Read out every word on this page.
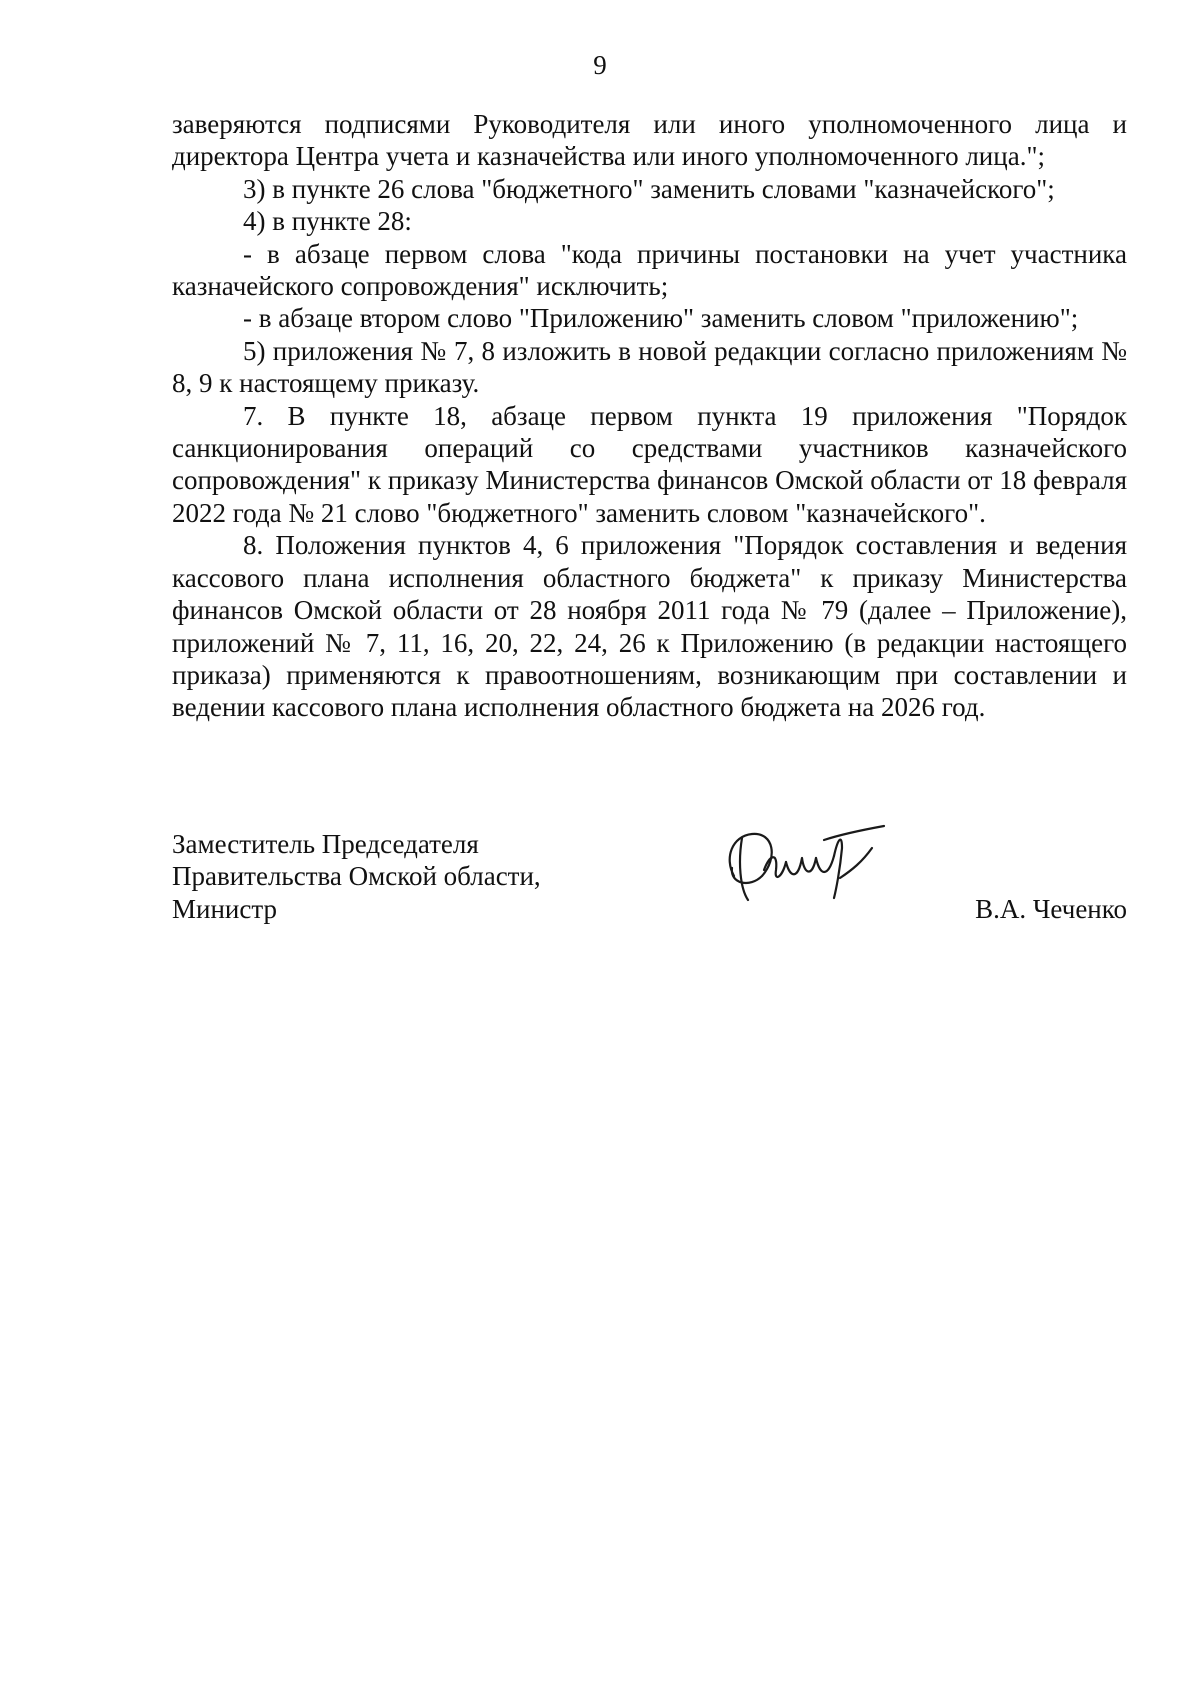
9

заверяются подписями Руководителя или иного уполномоченного лица и директора Центра учета и казначейства или иного уполномоченного лица.";

3) в пункте 26 слова "бюджетного" заменить словами "казначейского";

4) в пункте 28:

- в абзаце первом слова "кода причины постановки на учет участника казначейского сопровождения" исключить;

- в абзаце втором слово "Приложению" заменить словом "приложению";

5) приложения № 7, 8 изложить в новой редакции согласно приложениям № 8, 9 к настоящему приказу.

7. В пункте 18, абзаце первом пункта 19 приложения "Порядок санкционирования операций со средствами участников казначейского сопровождения" к приказу Министерства финансов Омской области от 18 февраля 2022 года № 21 слово "бюджетного" заменить словом "казначейского".

8. Положения пунктов 4, 6 приложения "Порядок составления и ведения кассового плана исполнения областного бюджета" к приказу Министерства финансов Омской области от 28 ноября 2011 года № 79 (далее – Приложение), приложений № 7, 11, 16, 20, 22, 24, 26 к Приложению (в редакции настоящего приказа) применяются к правоотношениям, возникающим при составлении и ведении кассового плана исполнения областного бюджета на 2026 год.

Заместитель Председателя
Правительства Омской области,
Министр	В.А. Чеченко
